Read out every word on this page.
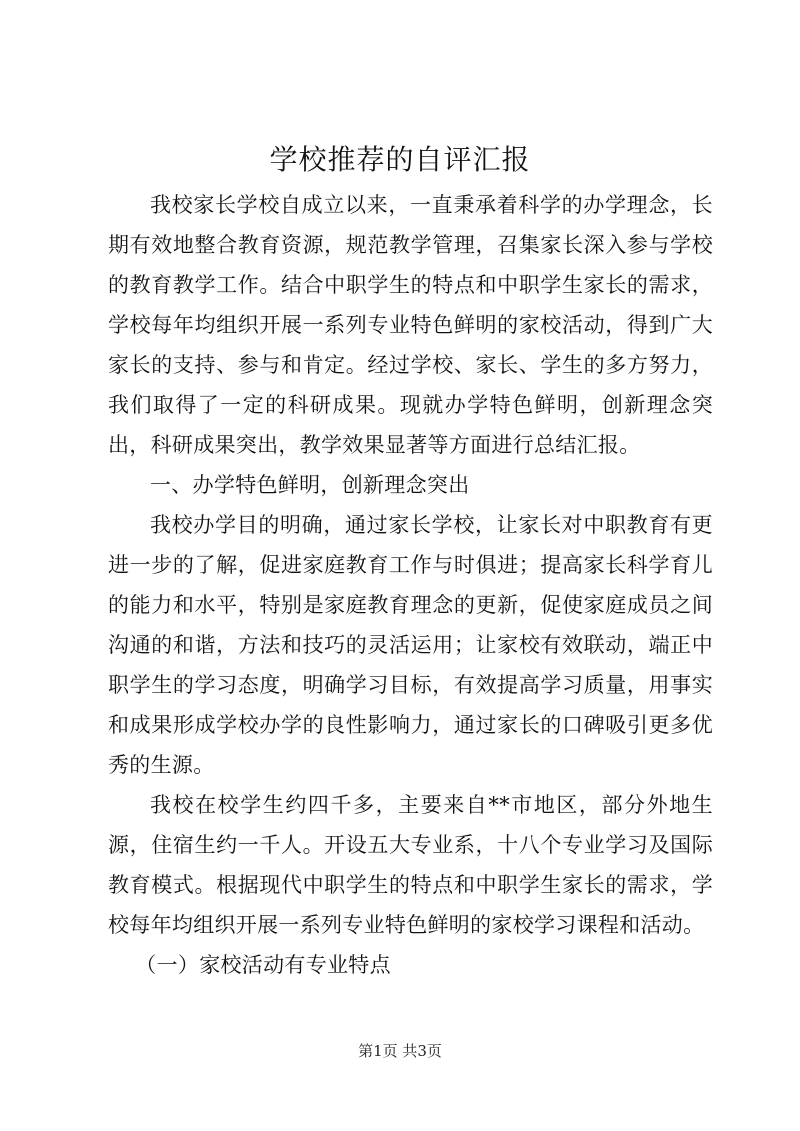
学校推荐的自评汇报

我校家长学校自成立以来，一直秉承着科学的办学理念，长期有效地整合教育资源，规范教学管理，召集家长深入参与学校的教育教学工作。结合中职学生的特点和中职学生家长的需求，学校每年均组织开展一系列专业特色鲜明的家校活动，得到广大家长的支持、参与和肯定。经过学校、家长、学生的多方努力，我们取得了一定的科研成果。现就办学特色鲜明，创新理念突出，科研成果突出，教学效果显著等方面进行总结汇报。

一、办学特色鲜明，创新理念突出

我校办学目的明确，通过家长学校，让家长对中职教育有更进一步的了解，促进家庭教育工作与时俱进；提高家长科学育儿的能力和水平，特别是家庭教育理念的更新，促使家庭成员之间沟通的和谐，方法和技巧的灵活运用；让家校有效联动，端正中职学生的学习态度，明确学习目标，有效提高学习质量，用事实和成果形成学校办学的良性影响力，通过家长的口碑吸引更多优秀的生源。

我校在校学生约四千多，主要来自**市地区，部分外地生源，住宿生约一千人。开设五大专业系，十八个专业学习及国际教育模式。根据现代中职学生的特点和中职学生家长的需求，学校每年均组织开展一系列专业特色鲜明的家校学习课程和活动。

（一）家校活动有专业特点

第1页 共3页
